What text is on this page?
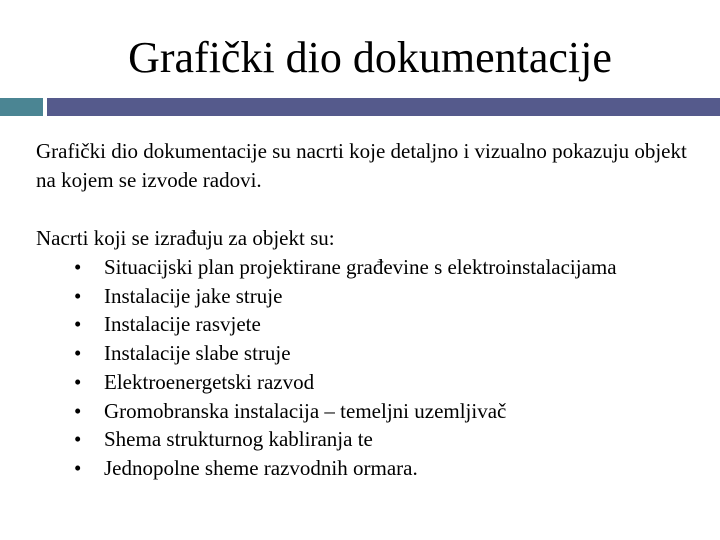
Grafički dio dokumentacije

Grafički dio dokumentacije su nacrti koje detaljno i vizualno pokazuju objekt na kojem se izvode radovi.

Nacrti koji se izrađuju za objekt su:

• Situacijski plan projektirane građevine s elektroinstalacijama
• Instalacije jake struje
• Instalacije rasvjete
• Instalacije slabe struje
• Elektroenergetski razvod
• Gromobranska instalacija – temeljni uzemljivač
• Shema strukturnog kabliranja te
• Jednopolne sheme razvodnih ormara.
